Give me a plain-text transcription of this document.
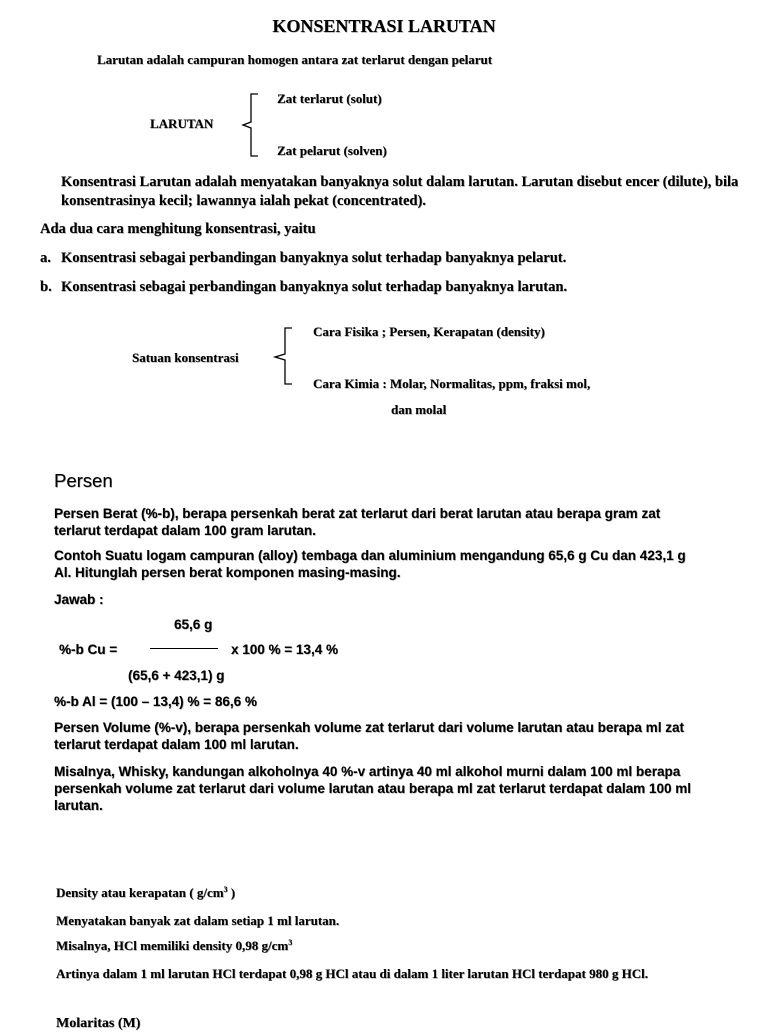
KONSENTRASI LARUTAN
Larutan adalah campuran homogen antara zat terlarut dengan pelarut
LARUTAN
Zat terlarut (solut)
Zat pelarut (solven)
Konsentrasi Larutan adalah menyatakan banyaknya solut dalam larutan. Larutan disebut encer (dilute), bila konsentrasinya kecil; lawannya ialah pekat (concentrated).
Ada dua cara menghitung konsentrasi, yaitu
a. Konsentrasi sebagai perbandingan banyaknya solut terhadap banyaknya pelarut.
b. Konsentrasi sebagai perbandingan banyaknya solut terhadap banyaknya larutan.
Satuan konsentrasi
Cara Fisika ; Persen, Kerapatan (density)
Cara Kimia : Molar, Normalitas, ppm, fraksi mol,
dan molal
Persen
Persen Berat (%-b), berapa persenkah berat zat terlarut dari berat larutan atau berapa gram zat terlarut terdapat dalam 100 gram larutan.
Contoh Suatu logam campuran (alloy) tembaga dan aluminium mengandung 65,6 g Cu dan 423,1 g Al. Hitunglah persen berat komponen masing-masing.
Jawab :
65,6 g
%-b Cu =	x 100 % = 13,4 %
(65,6 + 423,1) g
%-b Al = (100 – 13,4) % = 86,6 %
Persen Volume (%-v), berapa persenkah volume zat terlarut dari volume larutan atau berapa ml zat terlarut terdapat dalam 100 ml larutan.
Misalnya, Whisky, kandungan alkoholnya 40 %-v artinya 40 ml alkohol murni dalam 100 ml berapa persenkah volume zat terlarut dari volume larutan atau berapa ml zat terlarut terdapat dalam 100 ml larutan.
Density atau kerapatan ( $g/cm^3$ )
Menyatakan banyak zat dalam setiap 1 ml larutan.
Misalnya, HCl memiliki density 0,98 $g/cm^3$
Artinya dalam 1 ml larutan HCl terdapat 0,98 g HCl atau di dalam 1 liter larutan HCl terdapat 980 g HCl.
Molaritas (M)
